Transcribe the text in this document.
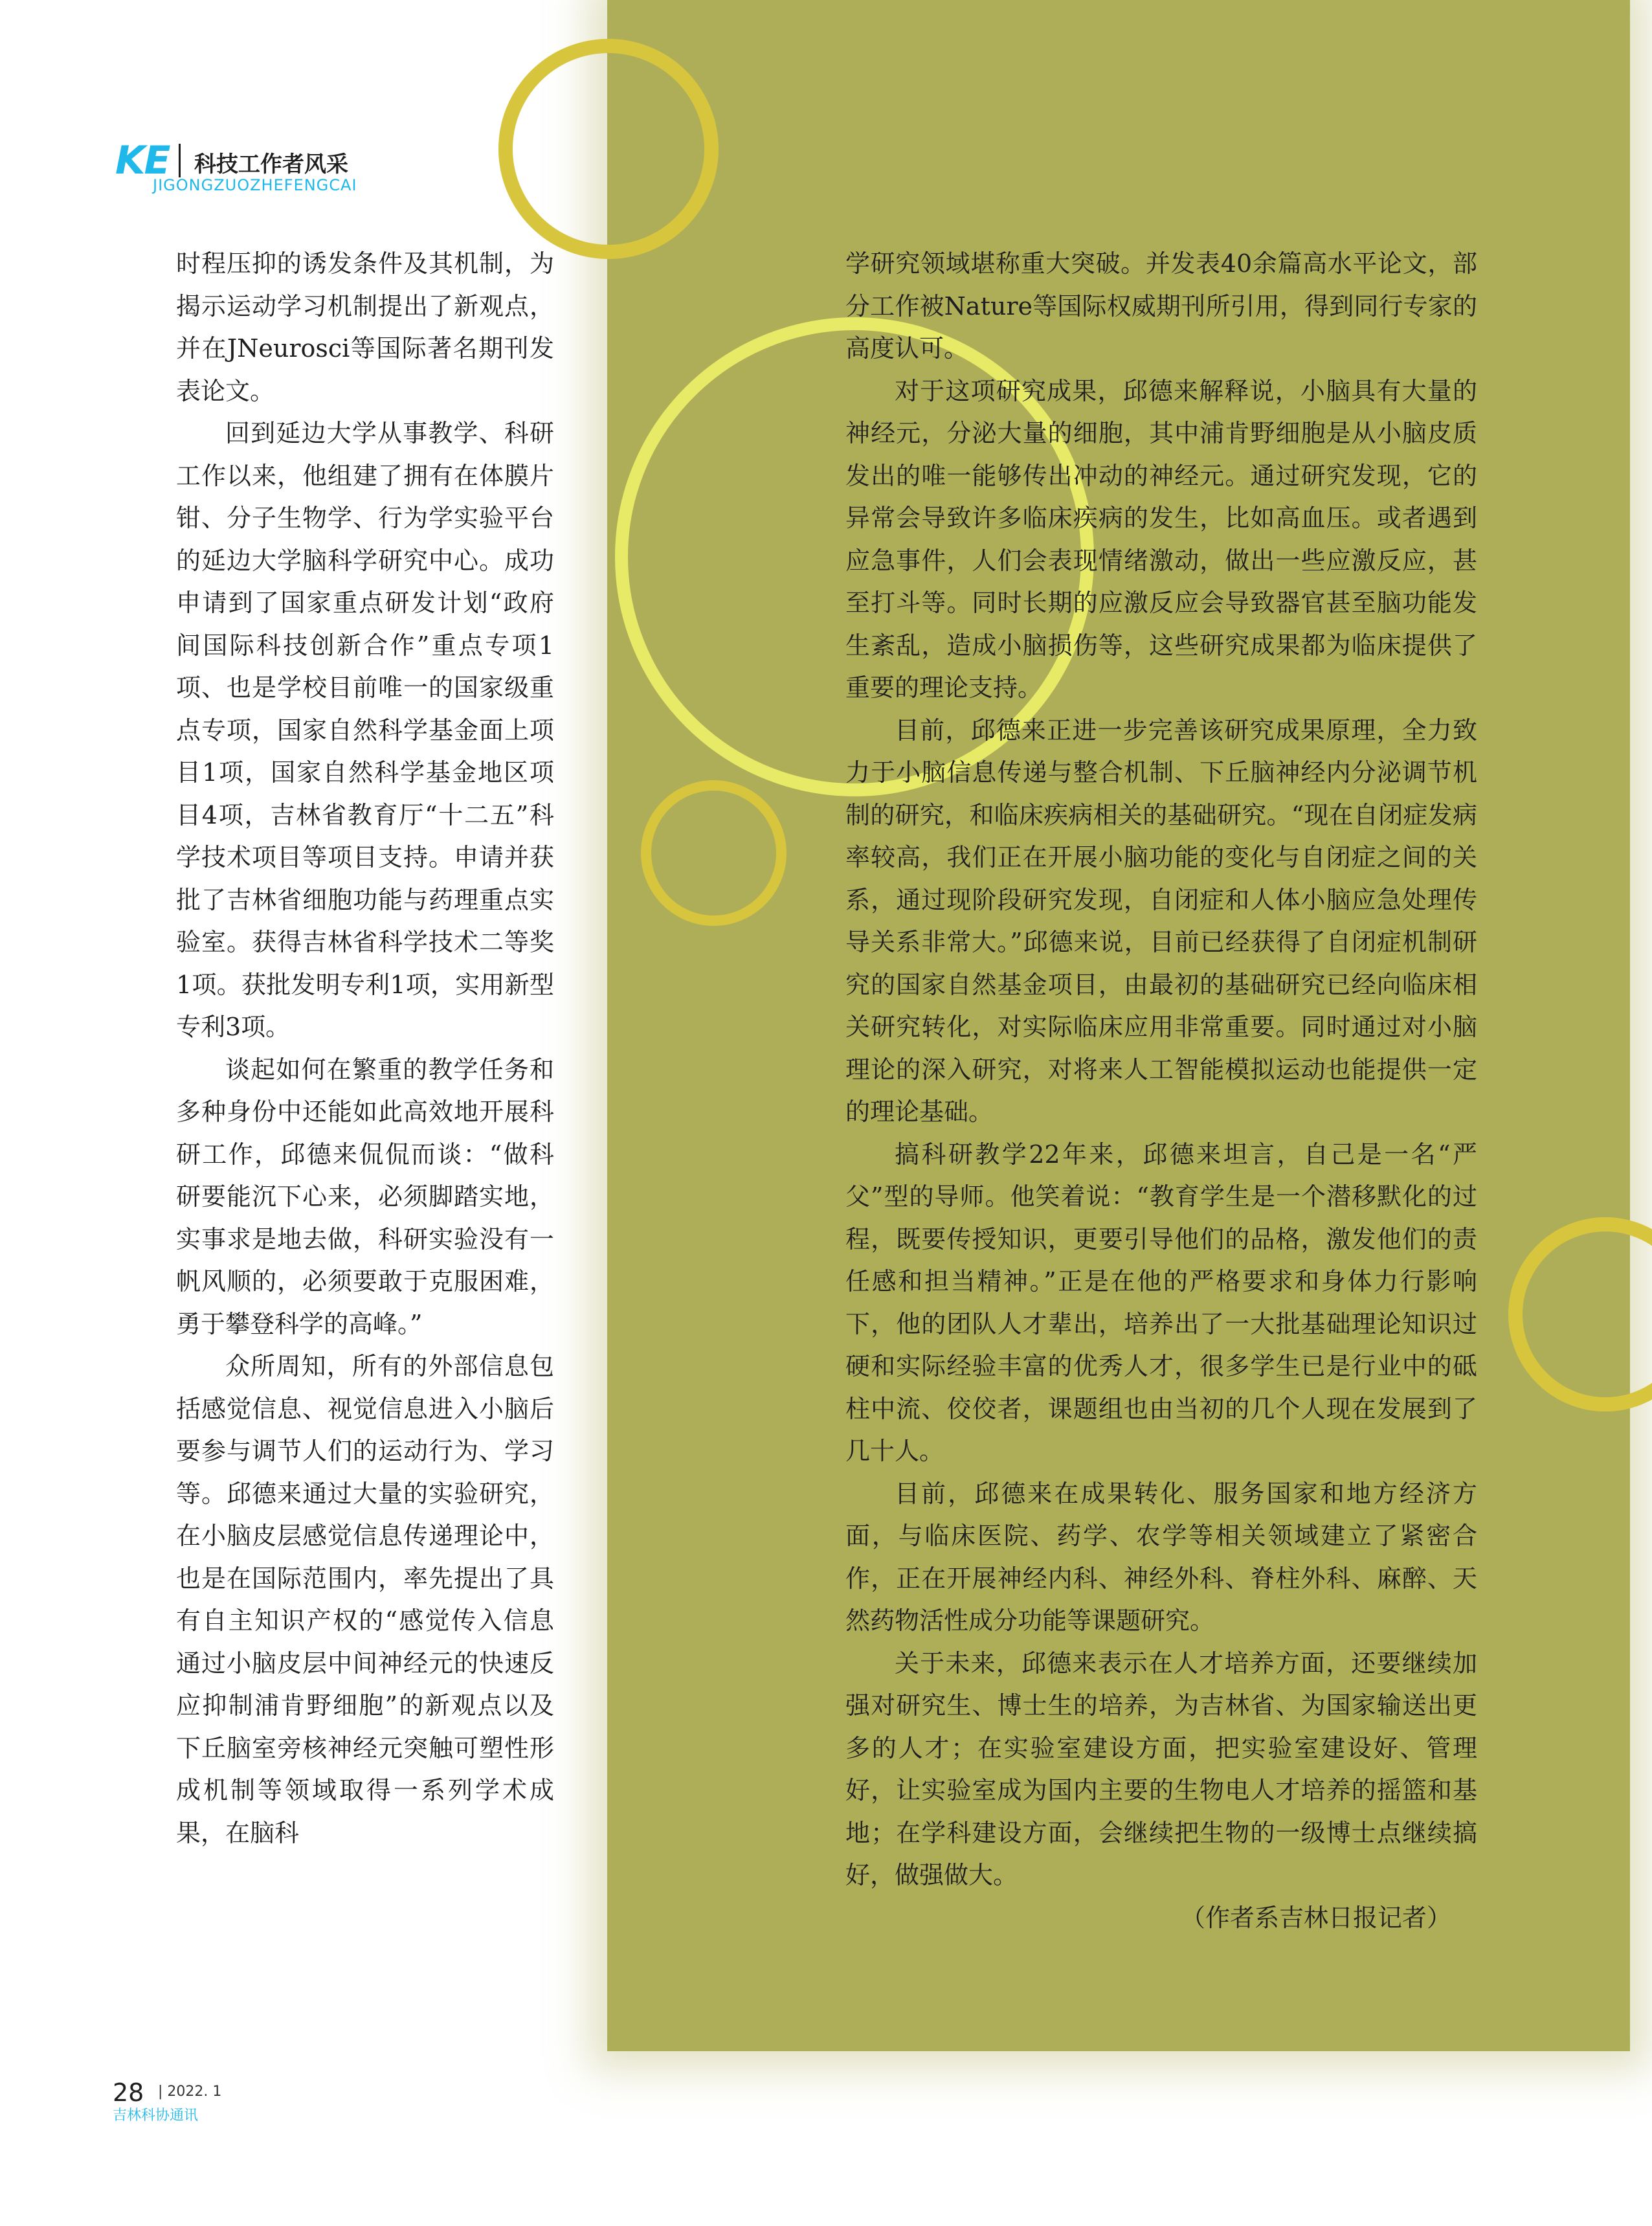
KE 科技工作者风采
JIGONGZUOZHEFENGCAI

时程压抑的诱发条件及其机制，为揭示运动学习机制提出了新观点，并在JNeurosci等国际著名期刊发表论文。

回到延边大学从事教学、科研工作以来，他组建了拥有在体膜片钳、分子生物学、行为学实验平台的延边大学脑科学研究中心。成功申请到了国家重点研发计划“政府间国际科技创新合作”重点专项1项、也是学校目前唯一的国家级重点专项，国家自然科学基金面上项目1项，国家自然科学基金地区项目4项，吉林省教育厅“十二五”科学技术项目等项目支持。申请并获批了吉林省细胞功能与药理重点实验室。获得吉林省科学技术二等奖1项。获批发明专利1项，实用新型专利3项。

谈起如何在繁重的教学任务和多种身份中还能如此高效地开展科研工作，邱德来侃侃而谈：“做科研要能沉下心来，必须脚踏实地，实事求是地去做，科研实验没有一帆风顺的，必须要敢于克服困难，勇于攀登科学的高峰。”

众所周知，所有的外部信息包括感觉信息、视觉信息进入小脑后要参与调节人们的运动行为、学习等。邱德来通过大量的实验研究，在小脑皮层感觉信息传递理论中，也是在国际范围内，率先提出了具有自主知识产权的“感觉传入信息通过小脑皮层中间神经元的快速反应抑制浦肯野细胞”的新观点以及下丘脑室旁核神经元突触可塑性形成机制等领域取得一系列学术成果，在脑科

学研究领域堪称重大突破。并发表40余篇高水平论文，部分工作被Nature等国际权威期刊所引用，得到同行专家的高度认可。

对于这项研究成果，邱德来解释说，小脑具有大量的神经元，分泌大量的细胞，其中浦肯野细胞是从小脑皮质发出的唯一能够传出冲动的神经元。通过研究发现，它的异常会导致许多临床疾病的发生，比如高血压。或者遇到应急事件，人们会表现情绪激动，做出一些应激反应，甚至打斗等。同时长期的应激反应会导致器官甚至脑功能发生紊乱，造成小脑损伤等，这些研究成果都为临床提供了重要的理论支持。

目前，邱德来正进一步完善该研究成果原理，全力致力于小脑信息传递与整合机制、下丘脑神经内分泌调节机制的研究，和临床疾病相关的基础研究。“现在自闭症发病率较高，我们正在开展小脑功能的变化与自闭症之间的关系，通过现阶段研究发现，自闭症和人体小脑应急处理传导关系非常大。”邱德来说，目前已经获得了自闭症机制研究的国家自然基金项目，由最初的基础研究已经向临床相关研究转化，对实际临床应用非常重要。同时通过对小脑理论的深入研究，对将来人工智能模拟运动也能提供一定的理论基础。

搞科研教学22年来，邱德来坦言，自己是一名“严父”型的导师。他笑着说：“教育学生是一个潜移默化的过程，既要传授知识，更要引导他们的品格，激发他们的责任感和担当精神。”正是在他的严格要求和身体力行影响下，他的团队人才辈出，培养出了一大批基础理论知识过硬和实际经验丰富的优秀人才，很多学生已是行业中的砥柱中流、佼佼者，课题组也由当初的几个人现在发展到了几十人。

目前，邱德来在成果转化、服务国家和地方经济方面，与临床医院、药学、农学等相关领域建立了紧密合作，正在开展神经内科、神经外科、脊柱外科、麻醉、天然药物活性成分功能等课题研究。

关于未来，邱德来表示在人才培养方面，还要继续加强对研究生、博士生的培养，为吉林省、为国家输送出更多的人才；在实验室建设方面，把实验室建设好、管理好，让实验室成为国内主要的生物电人才培养的摇篮和基地；在学科建设方面，会继续把生物的一级博士点继续搞好，做强做大。

（作者系吉林日报记者）

28 | 2022. 1
吉林科协通讯
